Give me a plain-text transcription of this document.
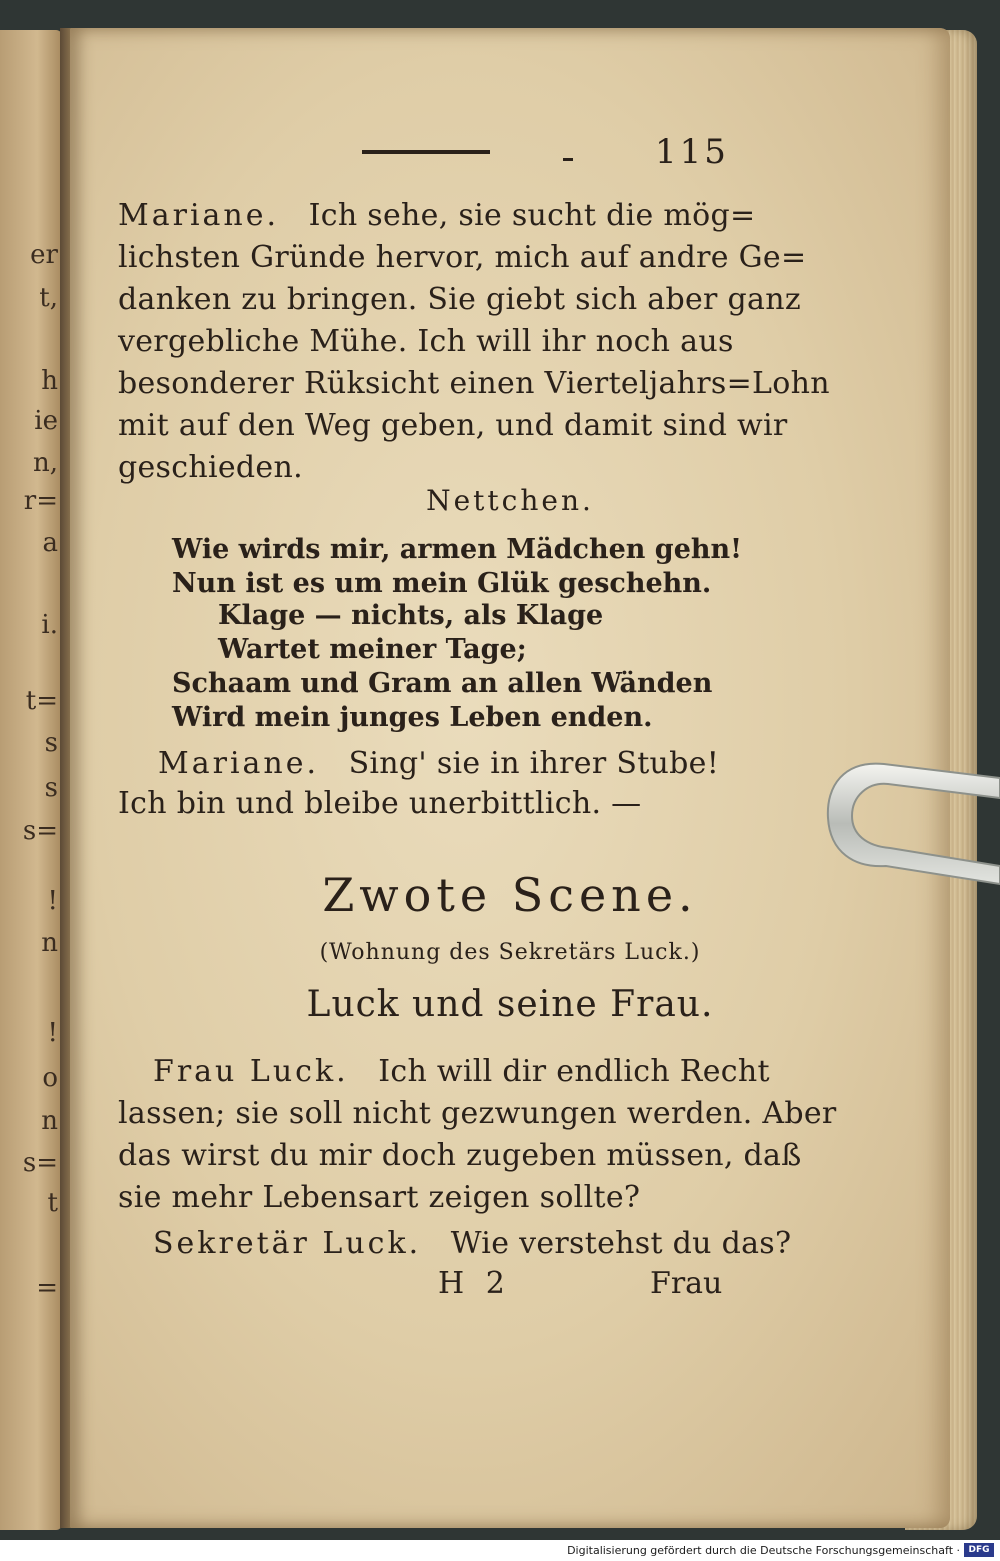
er
t,
h
ie
n,
r=
a
i.
t=
s
s
s=
!
n
!
o
n
s=
t
=
115
Mariane. Ich sehe, sie sucht die mög=
lichsten Gründe hervor, mich auf andre Ge=
danken zu bringen. Sie giebt sich aber ganz
vergebliche Mühe. Ich will ihr noch aus
besonderer Rüksicht einen Vierteljahrs=Lohn
mit auf den Weg geben, und damit sind wir
geschieden.
Nettchen.
Wie wirds mir, armen Mädchen gehn!
Nun ist es um mein Glük geschehn.
Klage — nichts, als Klage
Wartet meiner Tage;
Schaam und Gram an allen Wänden
Wird mein junges Leben enden.
Mariane. Sing' sie in ihrer Stube!
Ich bin und bleibe unerbittlich. —
Zwote Scene.
(Wohnung des Sekretärs Luck.)
Luck und seine Frau.
Frau Luck. Ich will dir endlich Recht
lassen; sie soll nicht gezwungen werden. Aber
das wirst du mir doch zugeben müssen, daß
sie mehr Lebensart zeigen sollte?
Sekretär Luck. Wie verstehst du das?
H 2	Frau
Digitalisierung gefördert durch die Deutsche Forschungsgemeinschaft · DFG
